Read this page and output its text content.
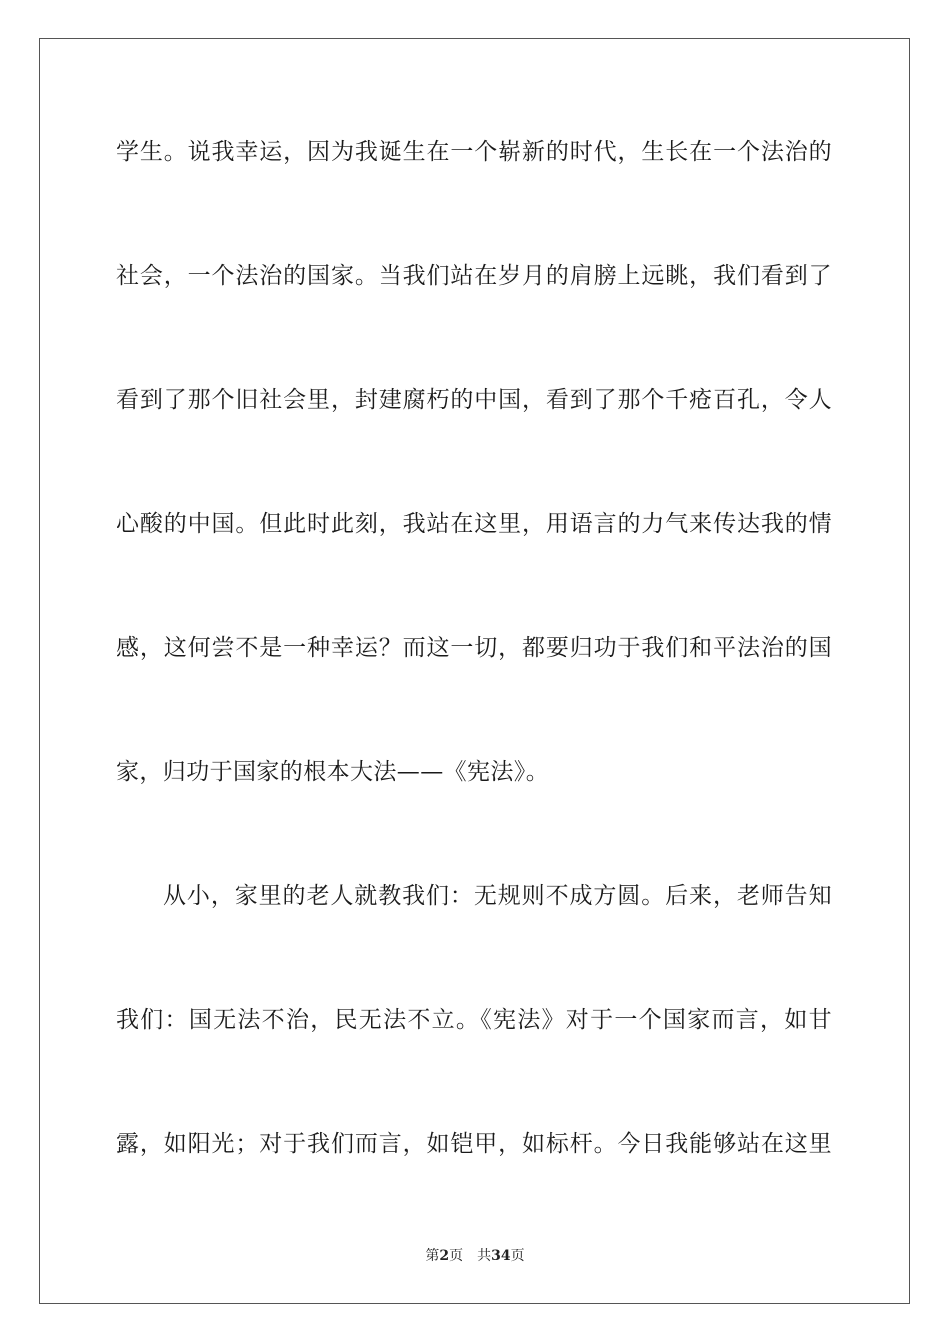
学生。说我幸运，因为我诞生在一个崭新的时代，生长在一个法治的
社会，一个法治的国家。当我们站在岁月的肩膀上远眺，我们看到了
看到了那个旧社会里，封建腐朽的中国，看到了那个千疮百孔，令人
心酸的中国。但此时此刻，我站在这里，用语言的力气来传达我的情
感，这何尝不是一种幸运？而这一切，都要归功于我们和平法治的国
家，归功于国家的根本大法——《宪法》。
从小，家里的老人就教我们：无规则不成方圆。后来，老师告知
我们：国无法不治，民无法不立。《宪法》对于一个国家而言，如甘
露，如阳光；对于我们而言，如铠甲，如标杆。今日我能够站在这里
第2页 共34页
